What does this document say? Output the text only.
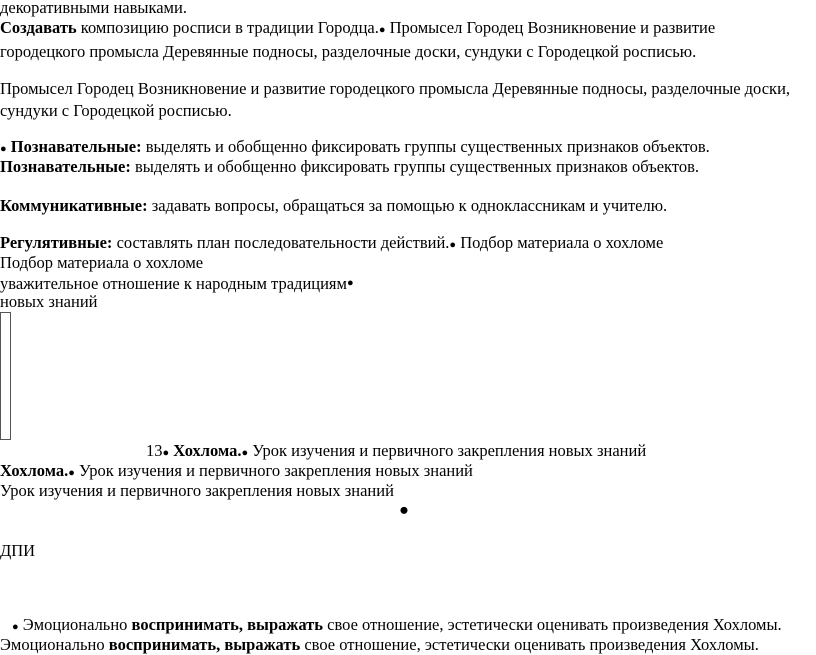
декоративными навыками.
Создавать композицию росписи в традиции Городца.● Промысел Городец Возникновение и развитие
городецкого промысла Деревянные подносы, разделочные доски, сундуки с Городецкой росписью.
Промысел Городец Возникновение и развитие городецкого промысла Деревянные подносы, разделочные доски,
сундуки с Городецкой росписью.
● Познавательные: выделять и обобщенно фиксировать группы существенных признаков объектов.
Познавательные: выделять и обобщенно фиксировать группы существенных признаков объектов.
Коммуникативные: задавать вопросы, обращаться за помощью к одноклассникам и учителю.
Регулятивные: составлять план последовательности действий.● Подбор материала о хохломе
Подбор материала о хохломе
уважительное отношение к народным традициям●
новых знаний
13● Хохлома.● Урок изучения и первичного закрепления новых знаний
Хохлома.● Урок изучения и первичного закрепления новых знаний
Урок изучения и первичного закрепления новых знаний
●
ДПИ
● Эмоционально воспринимать, выражать свое отношение, эстетически оценивать произведения Хохломы.
Эмоционально воспринимать, выражать свое отношение, эстетически оценивать произведения Хохломы.
